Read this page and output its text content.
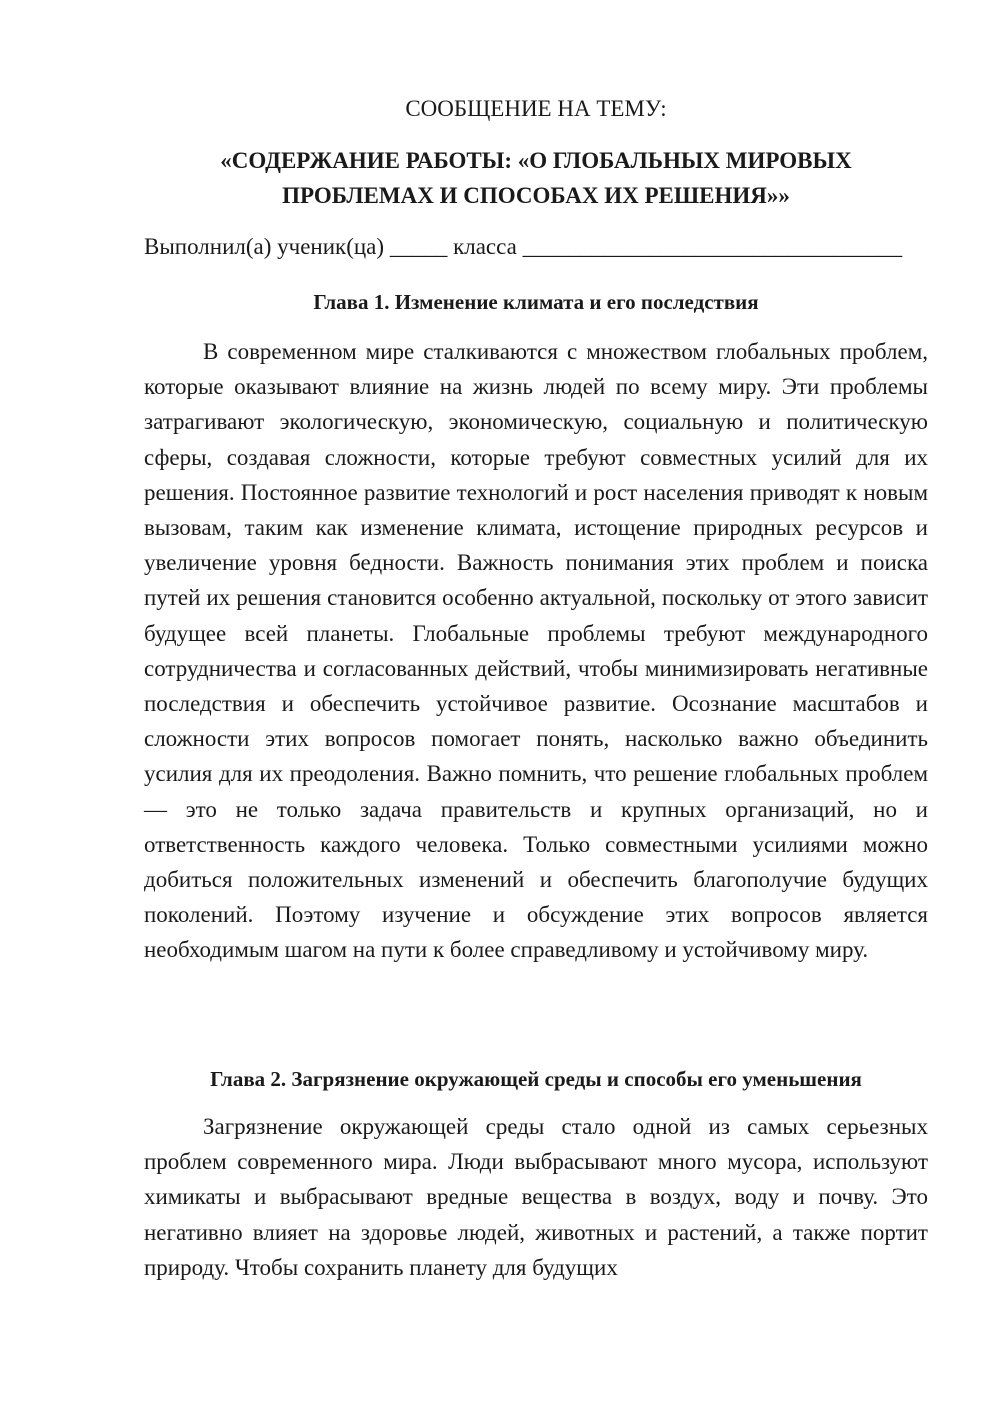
СООБЩЕНИЕ НА ТЕМУ:

«СОДЕРЖАНИЕ РАБОТЫ: «О ГЛОБАЛЬНЫХ МИРОВЫХ

ПРОБЛЕМАХ И СПОСОБАХ ИХ РЕШЕНИЯ»»

Выполнил(а) ученик(ца) _____ класса _________________________________
Глава 1. Изменение климата и его последствия

В современном мире сталкиваются с множеством глобальных проблем, которые оказывают влияние на жизнь людей по всему миру. Эти проблемы затрагивают экологическую, экономическую, социальную и политическую сферы, создавая сложности, которые требуют совместных усилий для их решения. Постоянное развитие технологий и рост населения приводят к новым вызовам, таким как изменение климата, истощение природных ресурсов и увеличение уровня бедности. Важность понимания этих проблем и поиска путей их решения становится особенно актуальной, поскольку от этого зависит будущее всей планеты. Глобальные проблемы требуют международного сотрудничества и согласованных действий, чтобы минимизировать негативные последствия и обеспечить устойчивое развитие. Осознание масштабов и сложности этих вопросов помогает понять, насколько важно объединить усилия для их преодоления. Важно помнить, что решение глобальных проблем — это не только задача правительств и крупных организаций, но и ответственность каждого человека. Только совместными усилиями можно добиться положительных изменений и обеспечить благополучие будущих поколений. Поэтому изучение и обсуждение этих вопросов является необходимым шагом на пути к более справедливому и устойчивому миру.

Глава 2. Загрязнение окружающей среды и способы его уменьшения

Загрязнение окружающей среды стало одной из самых серьезных проблем современного мира. Люди выбрасывают много мусора, используют химикаты и выбрасывают вредные вещества в воздух, воду и почву. Это негативно влияет на здоровье людей, животных и растений, а также портит природу. Чтобы сохранить планету для будущих
